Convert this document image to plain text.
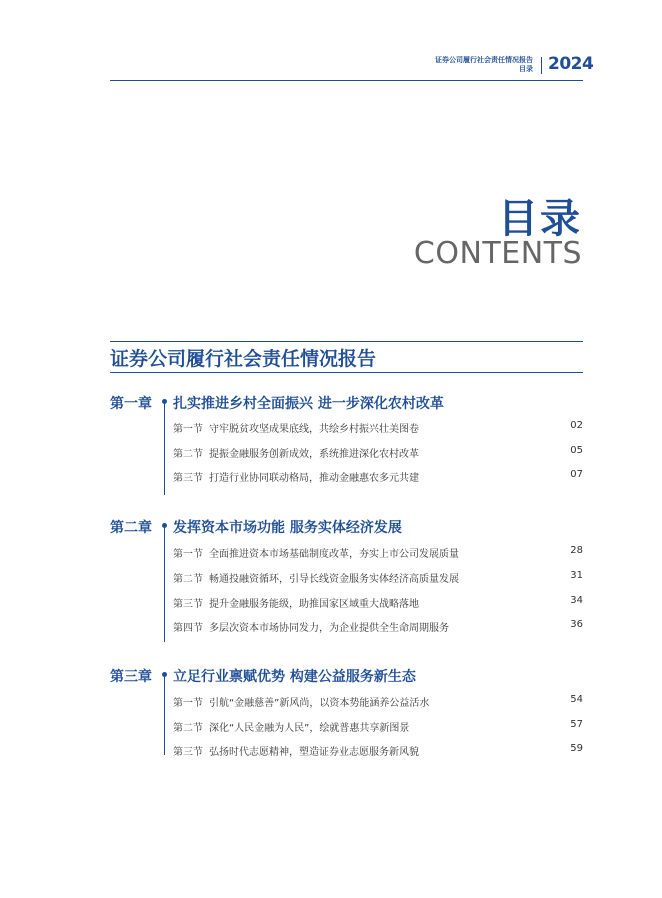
证券公司履行社会责任情况报告
目录 2024
目录
CONTENTS
证券公司履行社会责任情况报告
第一章 扎实推进乡村全面振兴 进一步深化农村改革
第一节 守牢脱贫攻坚成果底线，共绘乡村振兴壮美图卷	02
第二节 提振金融服务创新成效，系统推进深化农村改革	05
第三节 打造行业协同联动格局，推动金融惠农多元共建	07
第二章 发挥资本市场功能 服务实体经济发展
第一节 全面推进资本市场基础制度改革，夯实上市公司发展质量	28
第二节 畅通投融资循环，引导长线资金服务实体经济高质量发展	31
第三节 提升金融服务能级，助推国家区域重大战略落地	34
第四节 多层次资本市场协同发力，为企业提供全生命周期服务	36
第三章 立足行业禀赋优势 构建公益服务新生态
第一节 引航“金融慈善”新风尚，以资本势能涵养公益活水	54
第二节 深化“人民金融为人民”，绘就普惠共享新图景	57
第三节 弘扬时代志愿精神，塑造证券业志愿服务新风貌	59
